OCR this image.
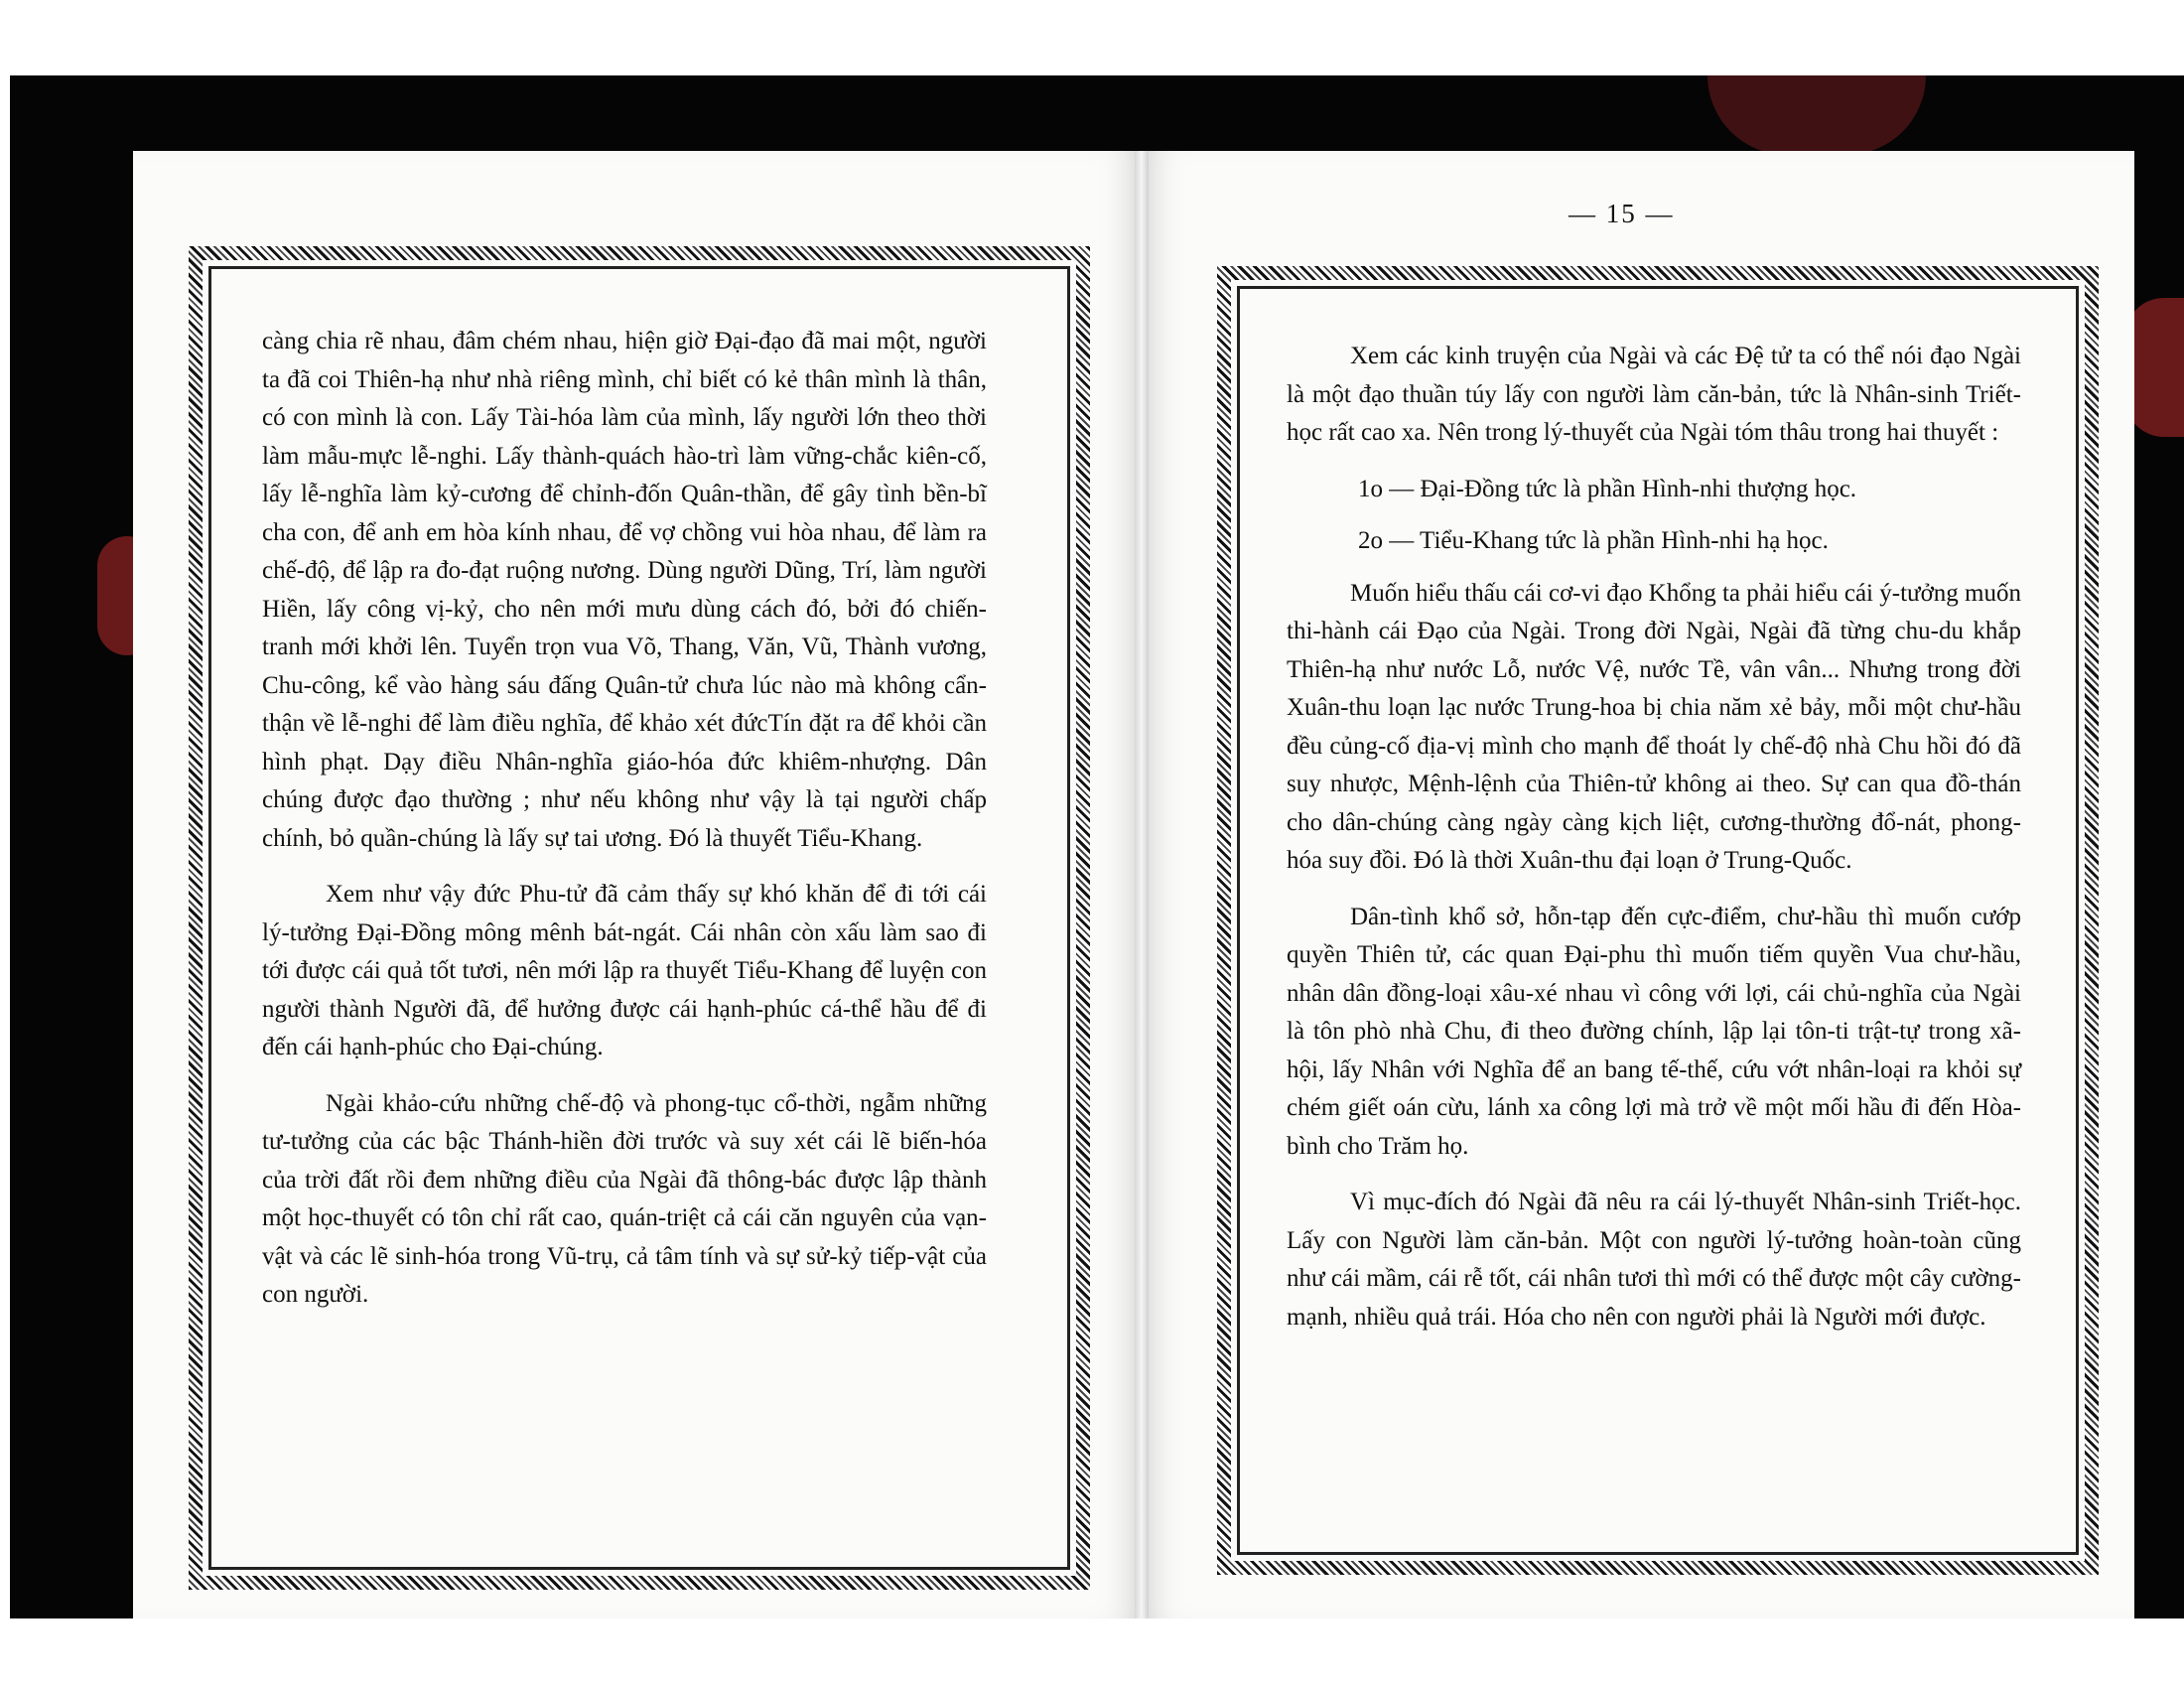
— 15 —

càng chia rẽ nhau, đâm chém nhau, hiện giờ Đại-đạo đã mai một, người ta đã coi Thiên-hạ như nhà riêng mình, chỉ biết có kẻ thân mình là thân, có con mình là con. Lấy Tài-hóa làm của mình, lấy người lớn theo thời làm mẫu-mực lễ-nghi. Lấy thành-quách hào-trì làm vững-chắc kiên-cố, lấy lễ-nghĩa làm kỷ-cương để chỉnh-đốn Quân-thần, để gây tình bền-bĩ cha con, để anh em hòa kính nhau, để vợ chồng vui hòa nhau, để làm ra chế-độ, để lập ra đo-đạt ruộng nương. Dùng người Dũng, Trí, làm người Hiền, lấy công vị-kỷ, cho nên mới mưu dùng cách đó, bởi đó chiến-tranh mới khởi lên. Tuyển trọn vua Võ, Thang, Văn, Vũ, Thành vương, Chu-công, kể vào hàng sáu đấng Quân-tử chưa lúc nào mà không cẩn-thận về lễ-nghi để làm điều nghĩa, để khảo xét đứcTín đặt ra để khỏi cần hình phạt. Dạy điều Nhân-nghĩa giáo-hóa đức khiêm-nhượng. Dân chúng được đạo thường ; như nếu không như vậy là tại người chấp chính, bỏ quần-chúng là lấy sự tai ương. Đó là thuyết Tiểu-Khang.

Xem như vậy đức Phu-tử đã cảm thấy sự khó khăn để đi tới cái lý-tưởng Đại-Đồng mông mênh bát-ngát. Cái nhân còn xấu làm sao đi tới được cái quả tốt tươi, nên mới lập ra thuyết Tiểu-Khang để luyện con người thành Người đã, để hưởng được cái hạnh-phúc cá-thể hầu để đi đến cái hạnh-phúc cho Đại-chúng.

Ngài khảo-cứu những chế-độ và phong-tục cổ-thời, ngẫm những tư-tưởng của các bậc Thánh-hiền đời trước và suy xét cái lẽ biến-hóa của trời đất rồi đem những điều của Ngài đã thông-bác được lập thành một học-thuyết có tôn chỉ rất cao, quán-triệt cả cái căn nguyên của vạn-vật và các lẽ sinh-hóa trong Vũ-trụ, cả tâm tính và sự sử-kỷ tiếp-vật của con người.

Xem các kinh truyện của Ngài và các Đệ tử ta có thể nói đạo Ngài là một đạo thuần túy lấy con người làm căn-bản, tức là Nhân-sinh Triết-học rất cao xa. Nên trong lý-thuyết của Ngài tóm thâu trong hai thuyết :

1o — Đại-Đồng tức là phần Hình-nhi thượng học.

2o — Tiểu-Khang tức là phần Hình-nhi hạ học.

Muốn hiểu thấu cái cơ-vi đạo Khổng ta phải hiểu cái ý-tưởng muốn thi-hành cái Đạo của Ngài. Trong đời Ngài, Ngài đã từng chu-du khắp Thiên-hạ như nước Lỗ, nước Vệ, nước Tề, vân vân... Nhưng trong đời Xuân-thu loạn lạc nước Trung-hoa bị chia năm xẻ bảy, mỗi một chư-hầu đều củng-cố địa-vị mình cho mạnh để thoát ly chế-độ nhà Chu hồi đó đã suy nhược, Mệnh-lệnh của Thiên-tử không ai theo. Sự can qua đồ-thán cho dân-chúng càng ngày càng kịch liệt, cương-thường đổ-nát, phong-hóa suy đồi. Đó là thời Xuân-thu đại loạn ở Trung-Quốc.

Dân-tình khổ sở, hỗn-tạp đến cực-điểm, chư-hầu thì muốn cướp quyền Thiên tử, các quan Đại-phu thì muốn tiếm quyền Vua chư-hầu, nhân dân đồng-loại xâu-xé nhau vì công với lợi, cái chủ-nghĩa của Ngài là tôn phò nhà Chu, đi theo đường chính, lập lại tôn-ti trật-tự trong xã-hội, lấy Nhân với Nghĩa để an bang tế-thế, cứu vớt nhân-loại ra khỏi sự chém giết oán cừu, lánh xa công lợi mà trở về một mối hầu đi đến Hòa-bình cho Trăm họ.

Vì mục-đích đó Ngài đã nêu ra cái lý-thuyết Nhân-sinh Triết-học. Lấy con Người làm căn-bản. Một con người lý-tưởng hoàn-toàn cũng như cái mầm, cái rễ tốt, cái nhân tươi thì mới có thể được một cây cường-mạnh, nhiều quả trái. Hóa cho nên con người phải là Người mới được.
